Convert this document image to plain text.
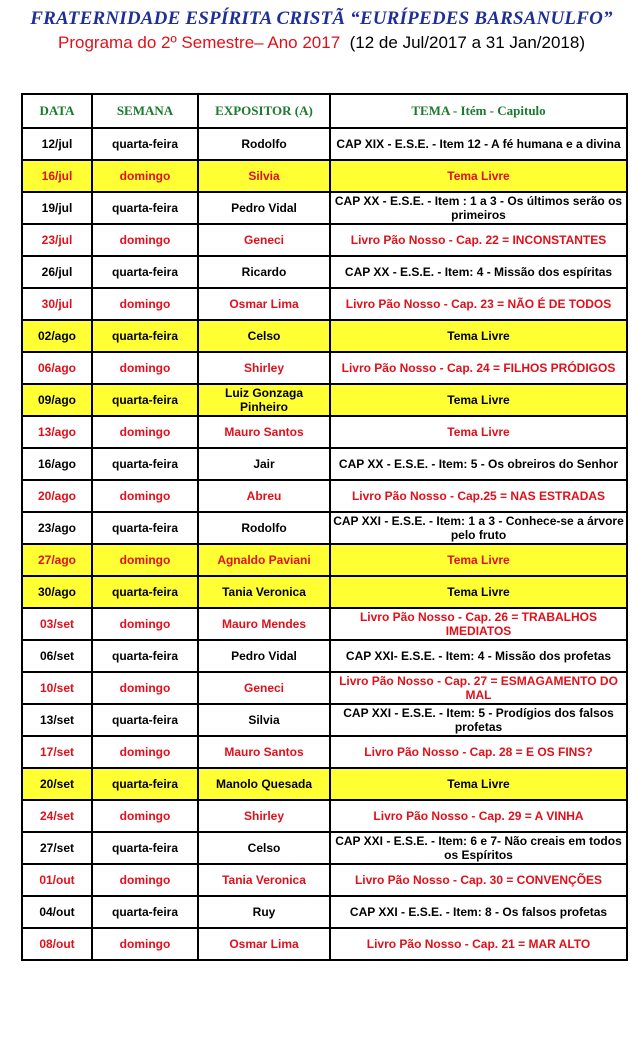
FRATERNIDADE ESPÍRITA CRISTÃ “EURÍPEDES BARSANULFO”
Programa do 2º Semestre– Ano 2017 (12 de Jul/2017 a 31 Jan/2018)
DATA	SEMANA	EXPOSITOR (A)	TEMA - Itém - Capitulo
12/jul	quarta-feira	Rodolfo	CAP XIX - E.S.E. - Item 12 - A fé humana e a divina
16/jul	domingo	Silvia	Tema Livre
19/jul	quarta-feira	Pedro Vidal	CAP XX - E.S.E. - Item : 1 a 3 - Os últimos serão os primeiros
23/jul	domingo	Geneci	Livro Pão Nosso - Cap. 22 = INCONSTANTES
26/jul	quarta-feira	Ricardo	CAP XX - E.S.E. - Item: 4 - Missão dos espíritas
30/jul	domingo	Osmar Lima	Livro Pão Nosso - Cap. 23 = NÃO É DE TODOS
02/ago	quarta-feira	Celso	Tema Livre
06/ago	domingo	Shirley	Livro Pão Nosso - Cap. 24 = FILHOS PRÓDIGOS
09/ago	quarta-feira	Luiz Gonzaga Pinheiro	Tema Livre
13/ago	domingo	Mauro Santos	Tema Livre
16/ago	quarta-feira	Jair	CAP XX - E.S.E. - Item: 5 - Os obreiros do Senhor
20/ago	domingo	Abreu	Livro Pão Nosso - Cap.25 = NAS ESTRADAS
23/ago	quarta-feira	Rodolfo	CAP XXI - E.S.E. - Item: 1 a 3 - Conhece-se a árvore pelo fruto
27/ago	domingo	Agnaldo Paviani	Tema Livre
30/ago	quarta-feira	Tania Veronica	Tema Livre
03/set	domingo	Mauro Mendes	Livro Pão Nosso - Cap. 26 = TRABALHOS IMEDIATOS
06/set	quarta-feira	Pedro Vidal	CAP XXI- E.S.E. - Item: 4 - Missão dos profetas
10/set	domingo	Geneci	Livro Pão Nosso - Cap. 27 = ESMAGAMENTO DO MAL
13/set	quarta-feira	Silvia	CAP XXI - E.S.E. - Item: 5 - Prodígios dos falsos profetas
17/set	domingo	Mauro Santos	Livro Pão Nosso - Cap. 28 = E OS FINS?
20/set	quarta-feira	Manolo Quesada	Tema Livre
24/set	domingo	Shirley	Livro Pão Nosso - Cap. 29 = A VINHA
27/set	quarta-feira	Celso	CAP XXI - E.S.E. - Item: 6 e 7- Não creais em todos os Espíritos
01/out	domingo	Tania Veronica	Livro Pão Nosso - Cap. 30 = CONVENÇÕES
04/out	quarta-feira	Ruy	CAP XXI - E.S.E. - Item: 8 - Os falsos profetas
08/out	domingo	Osmar Lima	Livro Pão Nosso - Cap. 21 = MAR ALTO
